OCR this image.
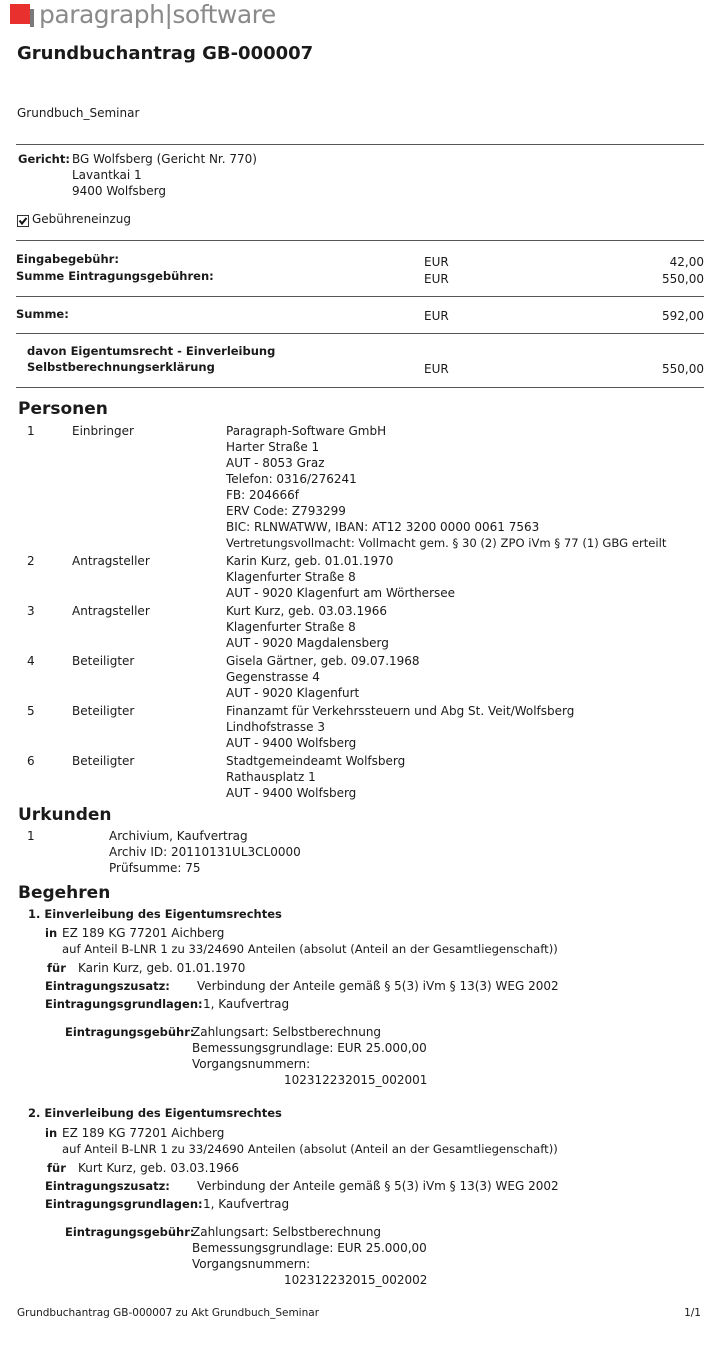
paragraph|software
Grundbuchantrag GB-000007
Grundbuch_Seminar
Gericht: BG Wolfsberg (Gericht Nr. 770)
Lavantkai 1
9400 Wolfsberg
Gebühreneinzug
Eingabegebühr:	EUR	42,00
Summe Eintragungsgebühren:	EUR	550,00
Summe:	EUR	592,00
davon Eigentumsrecht - Einverleibung
Selbstberechnungserklärung	EUR	550,00
Personen
1	Einbringer	Paragraph-Software GmbH
Harter Straße 1
AUT - 8053 Graz
Telefon: 0316/276241
FB: 204666f
ERV Code: Z793299
BIC: RLNWATWW, IBAN: AT12 3200 0000 0061 7563
Vertretungsvollmacht: Vollmacht gem. § 30 (2) ZPO iVm § 77 (1) GBG erteilt
2	Antragsteller	Karin Kurz, geb. 01.01.1970
Klagenfurter Straße 8
AUT - 9020 Klagenfurt am Wörthersee
3	Antragsteller	Kurt Kurz, geb. 03.03.1966
Klagenfurter Straße 8
AUT - 9020 Magdalensberg
4	Beteiligter	Gisela Gärtner, geb. 09.07.1968
Gegenstrasse 4
AUT - 9020 Klagenfurt
5	Beteiligter	Finanzamt für Verkehrssteuern und Abg St. Veit/Wolfsberg
Lindhofstrasse 3
AUT - 9400 Wolfsberg
6	Beteiligter	Stadtgemeindeamt Wolfsberg
Rathausplatz 1
AUT - 9400 Wolfsberg
Urkunden
1	Archivium, Kaufvertrag
Archiv ID: 20110131UL3CL0000
Prüfsumme: 75
Begehren
1. Einverleibung des Eigentumsrechtes
in EZ 189 KG 77201 Aichberg
auf Anteil B-LNR 1 zu 33/24690 Anteilen (absolut (Anteil an der Gesamtliegenschaft))
für Karin Kurz, geb. 01.01.1970
Eintragungszusatz: Verbindung der Anteile gemäß § 5(3) iVm § 13(3) WEG 2002
Eintragungsgrundlagen: 1, Kaufvertrag
Eintragungsgebühr:
Zahlungsart: Selbstberechnung
Bemessungsgrundlage: EUR 25.000,00
Vorgangsnummern:
102312232015_002001
2. Einverleibung des Eigentumsrechtes
in EZ 189 KG 77201 Aichberg
auf Anteil B-LNR 1 zu 33/24690 Anteilen (absolut (Anteil an der Gesamtliegenschaft))
für Kurt Kurz, geb. 03.03.1966
Eintragungszusatz: Verbindung der Anteile gemäß § 5(3) iVm § 13(3) WEG 2002
Eintragungsgrundlagen: 1, Kaufvertrag
Eintragungsgebühr:
Zahlungsart: Selbstberechnung
Bemessungsgrundlage: EUR 25.000,00
Vorgangsnummern:
102312232015_002002
Grundbuchantrag GB-000007 zu Akt Grundbuch_Seminar	1/1
